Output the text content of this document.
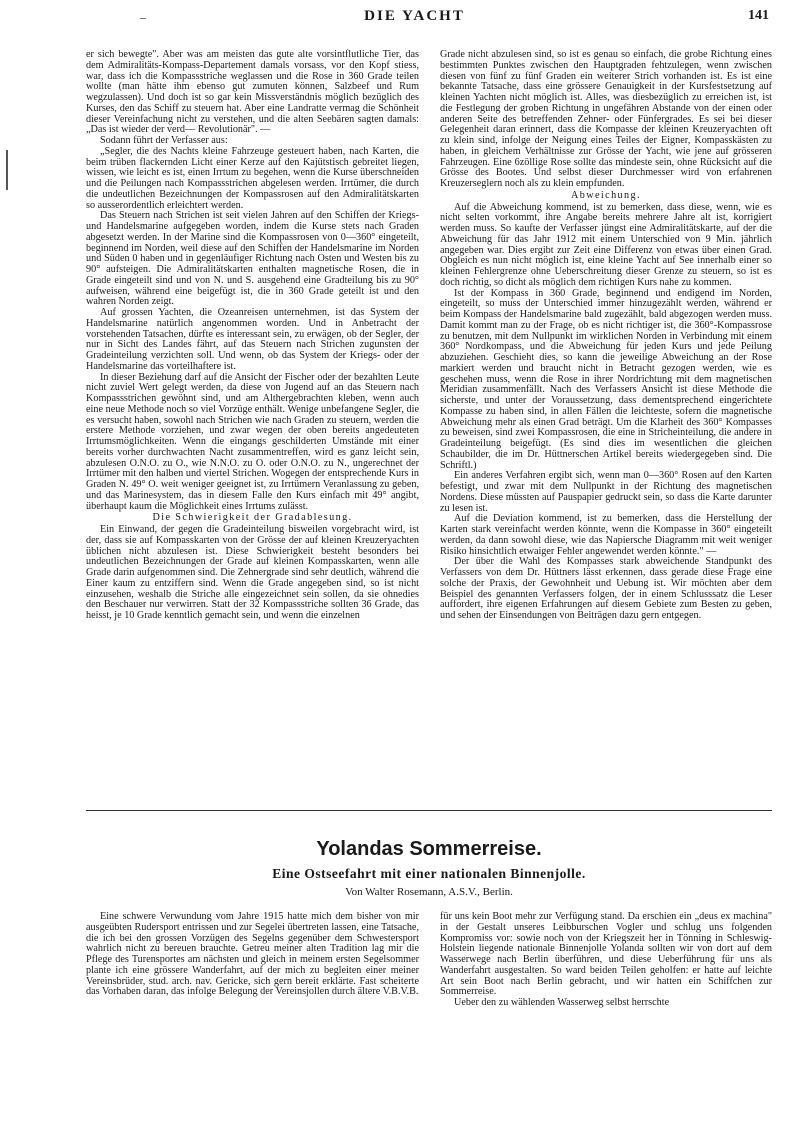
–	DIE YACHT	141

er sich bewegte". Aber was am meisten das gute alte vorsintflutliche Tier, das dem Admiralitäts-Kompass-Departement damals vorsass, vor den Kopf stiess, war, dass ich die Kompassstriche weglassen und die Rose in 360 Grade teilen wollte (man hätte ihm ebenso gut zumuten können, Salzbeef und Rum wegzulassen). Und doch ist so gar kein Missverständnis möglich bezüglich des Kurses, den das Schiff zu steuern hat. Aber eine Landratte vermag die Schönheit dieser Vereinfachung nicht zu verstehen, und die alten Seebären sagten damals: „Das ist wieder der verd— Revolutionär". —

Sodann führt der Verfasser aus:

„Segler, die des Nachts kleine Fahrzeuge gesteuert haben, nach Karten, die beim trüben flackernden Licht einer Kerze auf den Kajütstisch gebreitet liegen, wissen, wie leicht es ist, einen Irrtum zu begehen, wenn die Kurse überschneiden und die Peilungen nach Kompassstrichen abgelesen werden. Irrtümer, die durch die undeutlichen Bezeichnungen der Kompassrosen auf den Admiralitätskarten so ausserordentlich erleichtert werden.

Das Steuern nach Strichen ist seit vielen Jahren auf den Schiffen der Kriegs- und Handelsmarine aufgegeben worden, indem die Kurse stets nach Graden abgesetzt werden. In der Marine sind die Kompassrosen von 0—360° eingeteilt, beginnend im Norden, weil diese auf den Schiffen der Handelsmarine im Norden und Süden 0 haben und in gegenläufiger Richtung nach Osten und Westen bis zu 90° aufsteigen. Die Admiralitätskarten enthalten magnetische Rosen, die in Grade eingeteilt sind und von N. und S. ausgehend eine Gradteilung bis zu 90° aufweisen, während eine beigefügt ist, die in 360 Grade geteilt ist und den wahren Norden zeigt.

Auf grossen Yachten, die Ozeanreisen unternehmen, ist das System der Handelsmarine natürlich angenommen worden. Und in Anbetracht der vorstehenden Tatsachen, dürfte es interessant sein, zu erwägen, ob der Segler, der nur in Sicht des Landes fährt, auf das Steuern nach Strichen zugunsten der Gradeinteilung verzichten soll. Und wenn, ob das System der Kriegs- oder der Handelsmarine das vorteilhaftere ist.

In dieser Beziehung darf auf die Ansicht der Fischer oder der bezahlten Leute nicht zuviel Wert gelegt werden, da diese von Jugend auf an das Steuern nach Kompassstrichen gewöhnt sind, und am Althergebrachten kleben, wenn auch eine neue Methode noch so viel Vorzüge enthält. Wenige unbefangene Segler, die es versucht haben, sowohl nach Strichen wie nach Graden zu steuern, werden die erstere Methode vorziehen, und zwar wegen der oben bereits angedeuteten Irrtumsmöglichkeiten. Wenn die eingangs geschilderten Umstände mit einer bereits vorher durchwachten Nacht zusammentreffen, wird es ganz leicht sein, abzulesen O.N.O. zu O., wie N.N.O. zu O. oder O.N.O. zu N., ungerechnet der Irrtümer mit den halben und viertel Strichen. Wogegen der entsprechende Kurs in Graden N. 49° O. weit weniger geeignet ist, zu Irrtümern Veranlassung zu geben, und das Marinesystem, das in diesem Falle den Kurs einfach mit 49° angibt, überhaupt kaum die Möglichkeit eines Irrtums zulässt.

Die Schwierigkeit der Gradablesung.

Ein Einwand, der gegen die Gradeinteilung bisweilen vorgebracht wird, ist der, dass sie auf Kompasskarten von der Grösse der auf kleinen Kreuzeryachten üblichen nicht abzulesen ist. Diese Schwierigkeit besteht besonders bei undeutlichen Bezeichnungen der Grade auf kleinen Kompasskarten, wenn alle Grade darin aufgenommen sind. Die Zehnergrade sind sehr deutlich, während die Einer kaum zu entziffern sind. Wenn die Grade angegeben sind, so ist nicht einzusehen, weshalb die Striche alle eingezeichnet sein sollen, da sie ohnedies den Beschauer nur verwirren. Statt der 32 Kompassstriche sollten 36 Grade, das heisst, je 10 Grade kenntlich gemacht sein, und wenn die einzelnen

Grade nicht abzulesen sind, so ist es genau so einfach, die grobe Richtung eines bestimmten Punktes zwischen den Hauptgraden fehtzulegen, wenn zwischen diesen von fünf zu fünf Graden ein weiterer Strich vorhanden ist. Es ist eine bekannte Tatsache, dass eine grössere Genauigkeit in der Kursfestsetzung auf kleinen Yachten nicht möglich ist. Alles, was diesbezüglich zu erreichen ist, ist die Festlegung der groben Richtung in ungefähren Abstande von der einen oder anderen Seite des betreffenden Zehner- oder Fünfergrades. Es sei bei dieser Gelegenheit daran erinnert, dass die Kompasse der kleinen Kreuzeryachten oft zu klein sind, infolge der Neigung eines Teiles der Eigner, Kompasskästen zu haben, in gleichem Verhältnisse zur Grösse der Yacht, wie jene auf grösseren Fahrzeugen. Eine 6zöllige Rose sollte das mindeste sein, ohne Rücksicht auf die Grösse des Bootes. Und selbst dieser Durchmesser wird von erfahrenen Kreuzerseglern noch als zu klein empfunden.

Abweichung.

Auf die Abweichung kommend, ist zu bemerken, dass diese, wenn, wie es nicht selten vorkommt, ihre Angabe bereits mehrere Jahre alt ist, korrigiert werden muss. So kaufte der Verfasser jüngst eine Admiralitätskarte, auf der die Abweichung für das Jahr 1912 mit einem Unterschied von 9 Min. jährlich angegeben war. Dies ergibt zur Zeit eine Differenz von etwas über einen Grad. Obgleich es nun nicht möglich ist, eine kleine Yacht auf See innerhalb einer so kleinen Fehlergrenze ohne Ueberschreitung dieser Grenze zu steuern, so ist es doch richtig, so dicht als möglich dem richtigen Kurs nahe zu kommen.

Ist der Kompass in 360 Grade, beginnend und endigend im Norden, eingeteilt, so muss der Unterschied immer hinzugezählt werden, während er beim Kompass der Handelsmarine bald zugezählt, bald abgezogen werden muss. Damit kommt man zu der Frage, ob es nicht richtiger ist, die 360°-Kompassrose zu benutzen, mit dem Nullpunkt im wirklichen Norden in Verbindung mit einem 360° Nordkompass, und die Abweichung für jeden Kurs und jede Peilung abzuziehen. Geschieht dies, so kann die jeweilige Abweichung an der Rose markiert werden und braucht nicht in Betracht gezogen werden, wie es geschehen muss, wenn die Rose in ihrer Nordrichtung mit dem magnetischen Meridian zusammenfällt. Nach des Verfassers Ansicht ist diese Methode die sicherste, und unter der Voraussetzung, dass dementsprechend eingerichtete Kompasse zu haben sind, in allen Fällen die leichteste, sofern die magnetische Abweichung mehr als einen Grad beträgt. Um die Klarheit des 360° Kompasses zu beweisen, sind zwei Kompassrosen, die eine in Stricheinteilung, die andere in Gradeinteilung beigefügt. (Es sind dies im wesentlichen die gleichen Schaubilder, die im Dr. Hüttnerschen Artikel bereits wiedergegeben sind. Die Schriftl.)

Ein anderes Verfahren ergibt sich, wenn man 0—360° Rosen auf den Karten befestigt, und zwar mit dem Nullpunkt in der Richtung des magnetischen Nordens. Diese müssten auf Pauspapier gedruckt sein, so dass die Karte darunter zu lesen ist.

Auf die Deviation kommend, ist zu bemerken, dass die Herstellung der Karten stark vereinfacht werden könnte, wenn die Kompasse in 360° eingeteilt werden, da dann sowohl diese, wie das Napiersche Diagramm mit weit weniger Risiko hinsichtlich etwaiger Fehler angewendet werden könnte." —

Der über die Wahl des Kompasses stark abweichende Standpunkt des Verfassers von dem Dr. Hüttners lässt erkennen, dass gerade diese Frage eine solche der Praxis, der Gewohnheit und Uebung ist. Wir möchten aber dem Beispiel des genannten Verfassers folgen, der in einem Schlusssatz die Leser auffordert, ihre eigenen Erfahrungen auf diesem Gebiete zum Besten zu geben, und sehen der Einsendungen von Beiträgen dazu gern entgegen.

Yolandas Sommerreise.
Eine Ostseefahrt mit einer nationalen Binnenjolle.
Von Walter Rosemann, A.S.V., Berlin.

Eine schwere Verwundung vom Jahre 1915 hatte mich dem bisher von mir ausgeübten Rudersport entrissen und zur Segelei übertreten lassen, eine Tatsache, die ich bei den grossen Vorzügen des Segelns gegenüber dem Schwestersport wahrlich nicht zu bereuen brauchte. Getreu meiner alten Tradition lag mir die Pflege des Turensportes am nächsten und gleich in meinem ersten Segelsommer plante ich eine grössere Wanderfahrt, auf der mich zu begleiten einer meiner Vereinsbrüder, stud. arch. nav. Gericke, sich gern bereit erklärte. Fast scheiterte das Vorhaben daran, das infolge Belegung der Vereinsjollen durch ältere V.B.V.B.

für uns kein Boot mehr zur Verfügung stand. Da erschien ein „deus ex machina" in der Gestalt unseres Leibburschen Vogler und schlug uns folgenden Kompromiss vor: sowie noch von der Kriegszeit her in Tönning in Schleswig-Holstein liegende nationale Binnenjolle Yolanda sollten wir von dort auf dem Wasserwege nach Berlin überführen, und diese Ueberführung für uns als Wanderfahrt ausgestalten. So ward beiden Teilen geholfen: er hatte auf leichte Art sein Boot nach Berlin gebracht, und wir hatten ein Schiffchen zur Sommerreise.

Ueber den zu wählenden Wasserweg selbst herrschte
